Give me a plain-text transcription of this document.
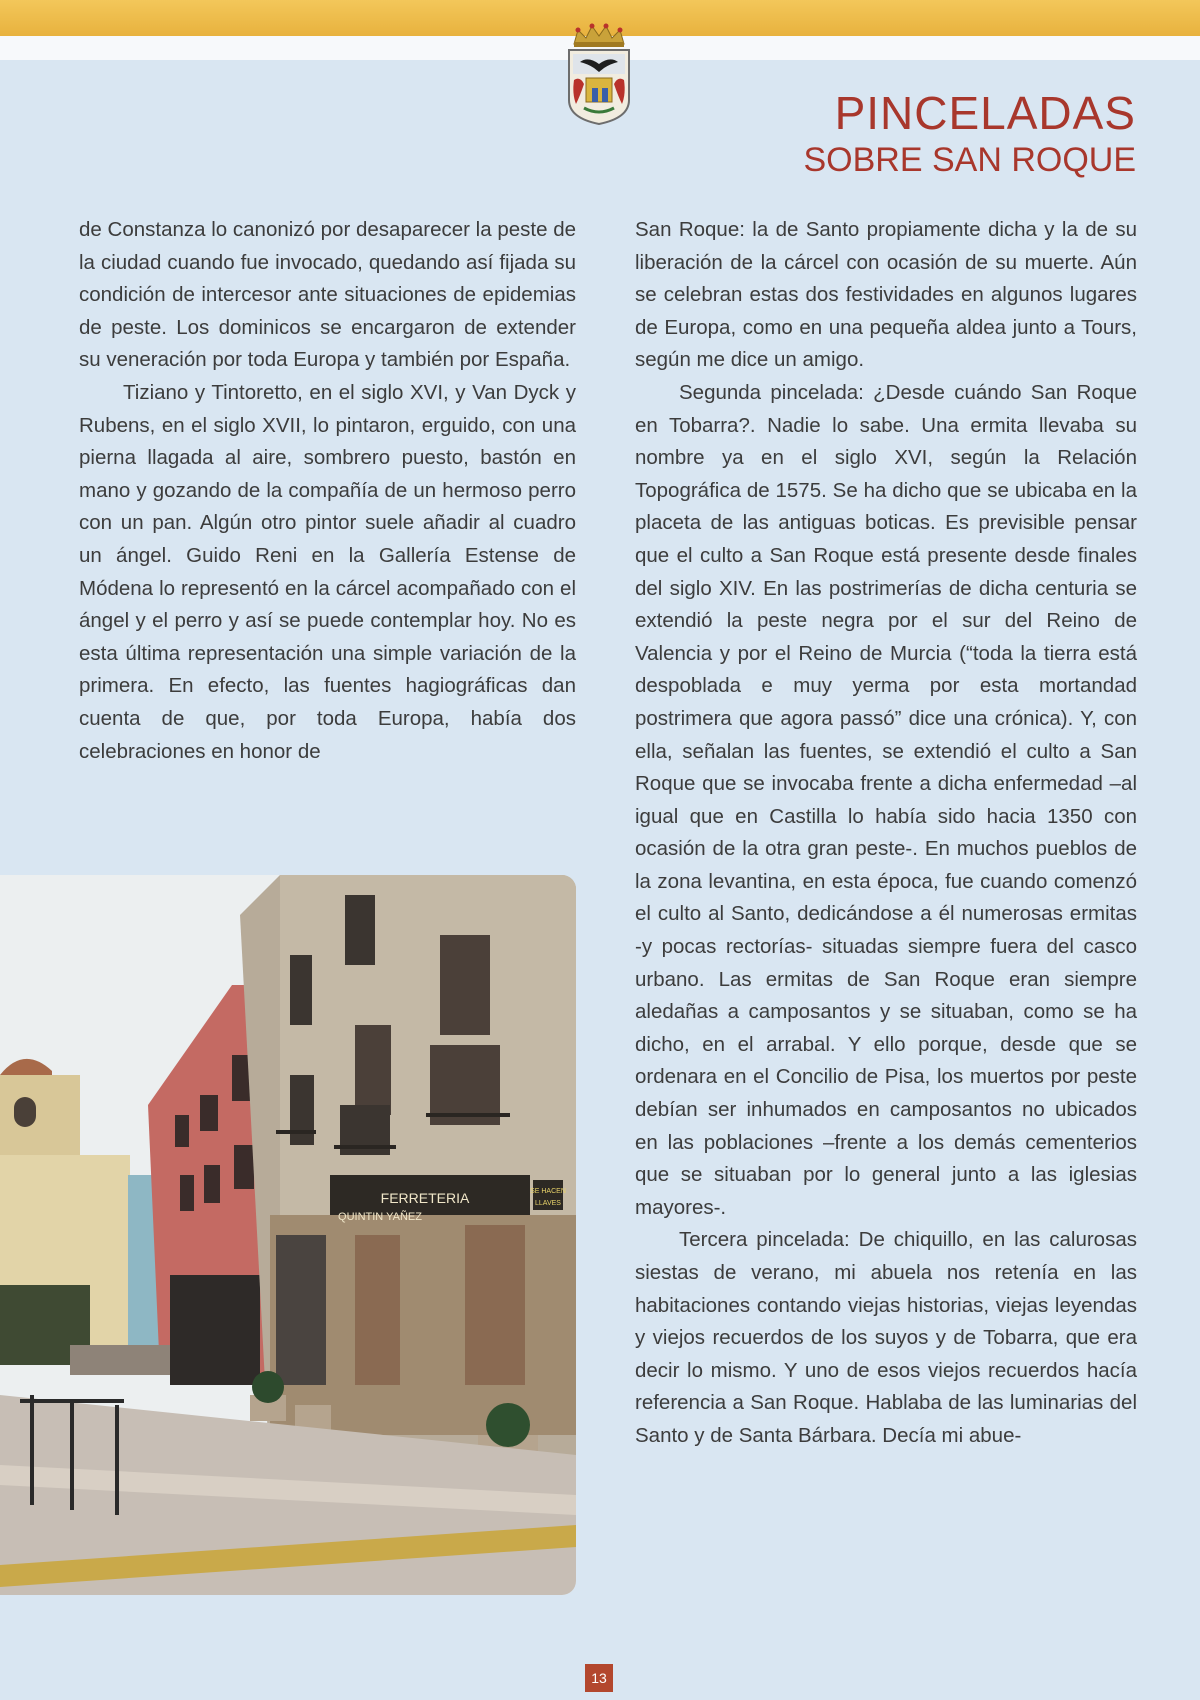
PINCELADAS
SOBRE SAN ROQUE

de Constanza lo canonizó por desaparecer la peste de la ciudad cuando fue invocado, quedando así fijada su condición de intercesor ante situaciones de epidemias de peste. Los dominicos se encargaron de extender su veneración por toda Europa y también por España.

Tiziano y Tintoretto, en el siglo XVI, y Van Dyck y Rubens, en el siglo XVII, lo pintaron, erguido, con una pierna llagada al aire, sombrero puesto, bastón en mano y gozando de la compañía de un hermoso perro con un pan. Algún otro pintor suele añadir al cuadro un ángel. Guido Reni en la Gallería Estense de Módena lo representó en la cárcel acompañado con el ángel y el perro y así se puede contemplar hoy. No es esta última representación una simple variación de la primera. En efecto, las fuentes hagiográficas dan cuenta de que, por toda Europa, había dos celebraciones en honor de

San Roque: la de Santo propiamente dicha y la de su liberación de la cárcel con ocasión de su muerte. Aún se celebran estas dos festividades en algunos lugares de Europa, como en una pequeña aldea junto a Tours, según me dice un amigo.

Segunda pincelada: ¿Desde cuándo San Roque en Tobarra?. Nadie lo sabe. Una ermita llevaba su nombre ya en el siglo XVI, según la Relación Topográfica de 1575. Se ha dicho que se ubicaba en la placeta de las antiguas boticas. Es previsible pensar que el culto a San Roque está presente desde finales del siglo XIV. En las postrimerías de dicha centuria se extendió la peste negra por el sur del Reino de Valencia y por el Reino de Murcia (“toda la tierra está despoblada e muy yerma por esta mortandad postrimera que agora passó” dice una crónica). Y, con ella, señalan las fuentes, se extendió el culto a San Roque que se invocaba frente a dicha enfermedad –al igual que en Castilla lo había sido hacia 1350 con ocasión de la otra gran peste-. En muchos pueblos de la zona levantina, en esta época, fue cuando comenzó el culto al Santo, dedicándose a él numerosas ermitas -y pocas rectorías- situadas siempre fuera del casco urbano. Las ermitas de San Roque eran siempre aledañas a camposantos y se situaban, como se ha dicho, en el arrabal. Y ello porque, desde que se ordenara en el Concilio de Pisa, los muertos por peste debían ser inhumados en camposantos no ubicados en las poblaciones –frente a los demás cementerios que se situaban por lo general junto a las iglesias mayores-.

Tercera pincelada: De chiquillo, en las calurosas siestas de verano, mi abuela nos retenía en las habitaciones contando viejas historias, viejas leyendas y viejos recuerdos de los suyos y de Tobarra, que era decir lo mismo. Y uno de esos viejos recuerdos hacía referencia a San Roque. Hablaba de las luminarias del Santo y de Santa Bárbara. Decía mi abue-

FERRETERIA
QUINTIN YAÑEZ
SE HACEN
LLAVES
13
